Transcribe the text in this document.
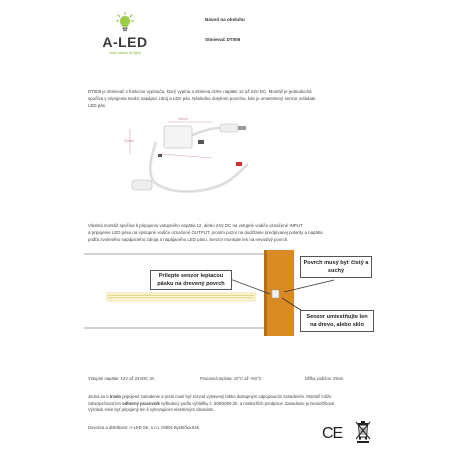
A-LED
new vision of light
Návod na obsluhu
Stmievač DT006
DT006 je stmievač s funkciou vypínača, ktorý vypína a stmieva nízke napätie 12 až 24V DC. Montáž je jednoduchá
spočíva v zripojenia medzi napájací zdroj a LED pás. Následne dotykom povrchu, kde je umiestnený senzor ovládate
LED pás.
30mm
20mm
Vlastná montáž spočíva k pripojeniu vstupného napätia 12, alebo 24V DC na vstupné vodiče označené INPUT
a pripojenie LED pásu na výstupné vodiče označené OUTPUT, prosím pozor na dodržanie predpísanej polarity a napätia
podľa zvoleného napájacieho zdroja a napájaného LED pásu. Senzor montujte len na nevodivý povrch.
Prilepte senzor lepiacou pásku na drevený povrch
Povrch musý byť čistý a suchý
Senzor umiestňujte len na drevo, alebo sklo
Vstupné napätie: 12V až 24VDC 4A	Pracovná teplota: 10°C až +50°C	Dĺžka vodičov: 25cm
Jedná sa o trvalo pripojené zariadenie a preto musí byť rozvod vybavený ľahko dostupným odpojovacím zariadením. Montáž môže
zabezpečovať len odborný pracovník vyškolený podľa vyhlášky č. 508/2009 Zb. a neskorších predpisov. Zariadenie je bezúdržbové.
Výrobok smie byť pripojený len k vyhovujúcim elektrickým obvodom.
Dovozca a distributor: A-LED SK, s.r.o. 03804 Bystrička 545	CE
